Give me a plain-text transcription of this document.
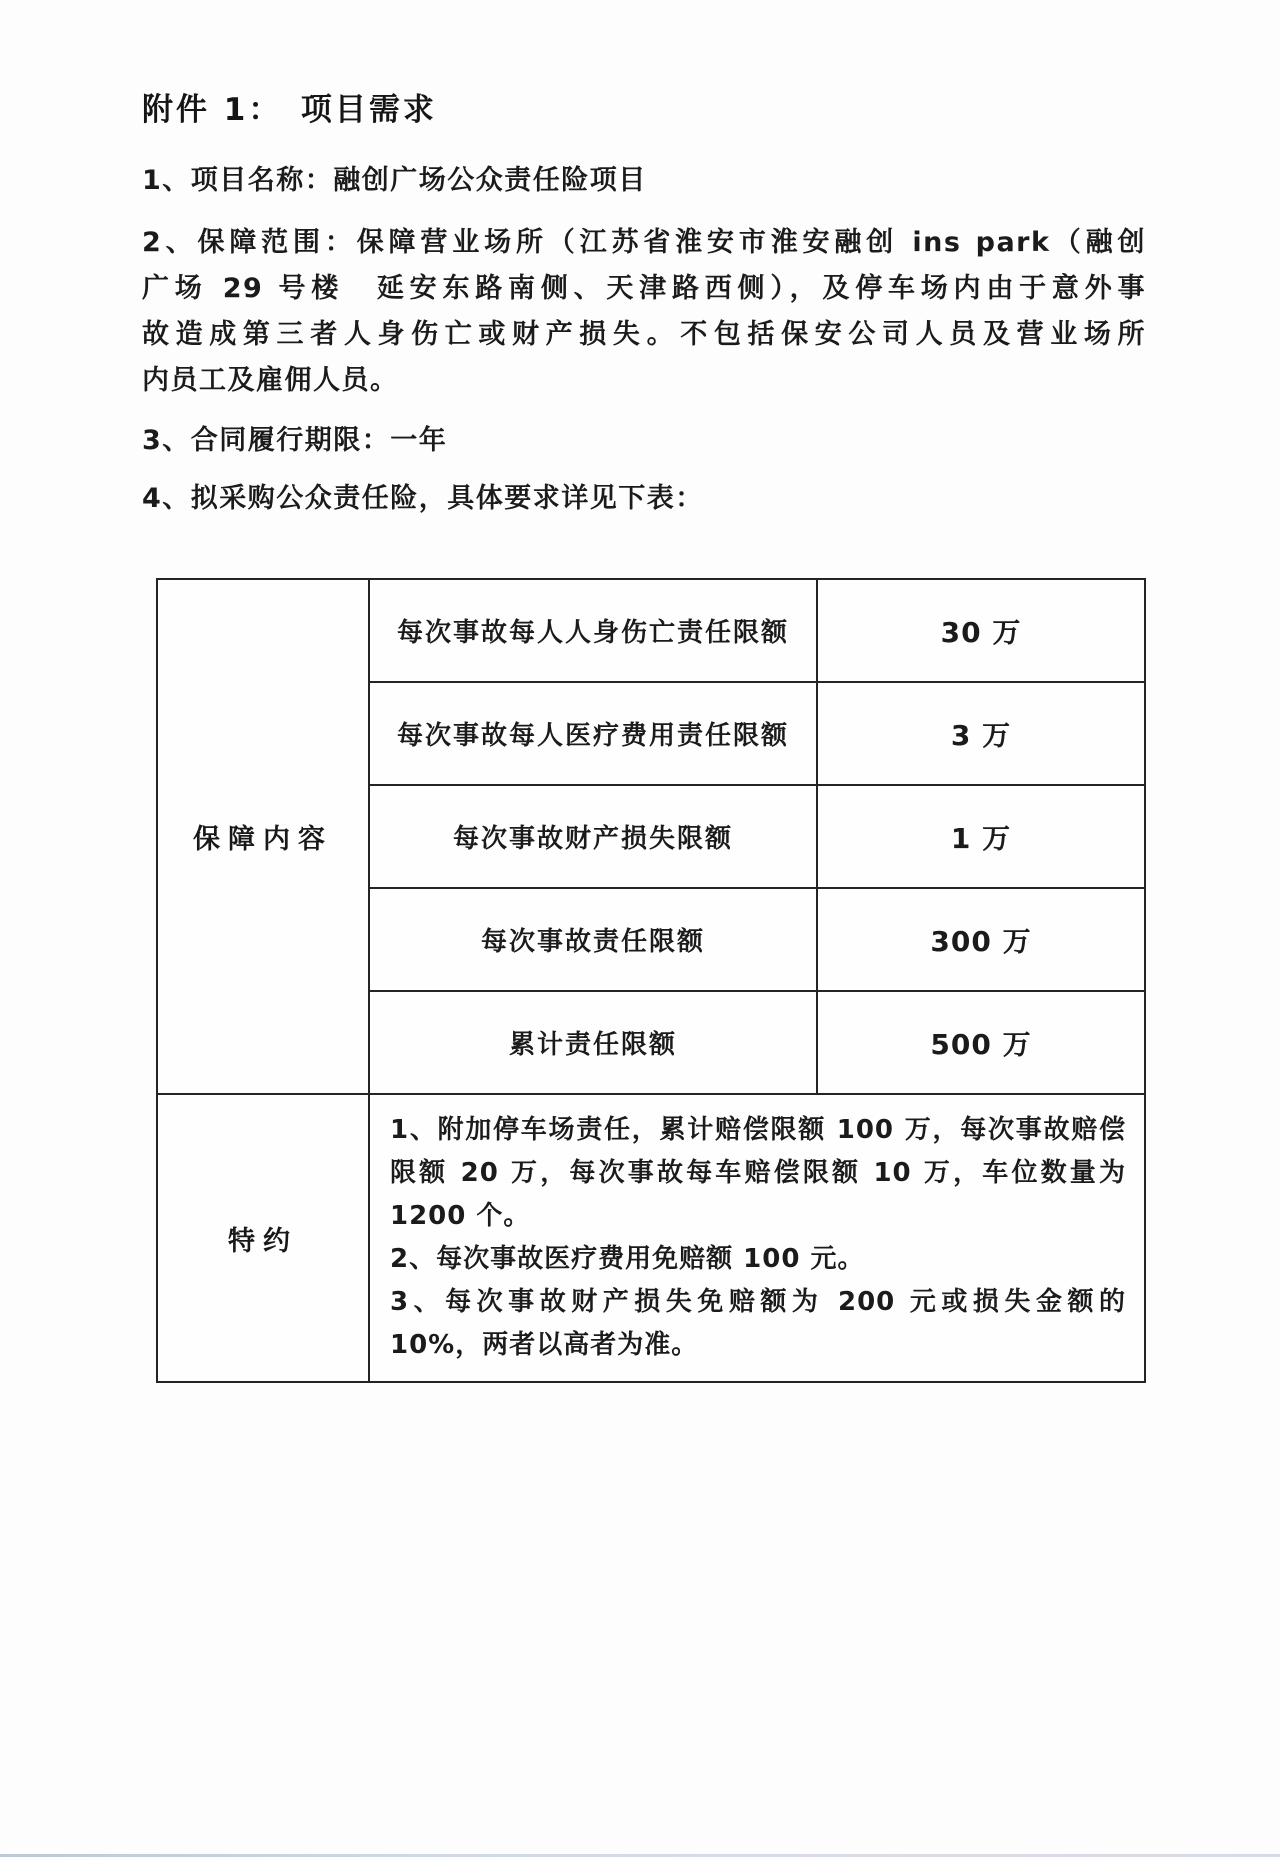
附件 1：　项目需求

1、项目名称：融创广场公众责任险项目

2、保障范围：保障营业场所（江苏省淮安市淮安融创 ins park（融创
广场 29 号楼　延安东路南侧、天津路西侧），及停车场内由于意外事
故造成第三者人身伤亡或财产损失。不包括保安公司人员及营业场所
内员工及雇佣人员。

3、合同履行期限：一年

4、拟采购公众责任险，具体要求详见下表：

保障内容	每次事故每人人身伤亡责任限额	30 万
	每次事故每人医疗费用责任限额	3 万
	每次事故财产损失限额	1 万
	每次事故责任限额	300 万
	累计责任限额	500 万
特约	1、附加停车场责任，累计赔偿限额 100 万，每次事故赔偿限额 20 万，每次事故每车赔偿限额 10 万，车位数量为 1200 个。

2、每次事故医疗费用免赔额 100 元。

3、每次事故财产损失免赔额为 200 元或损失金额的 10%，两者以高者为准。	
